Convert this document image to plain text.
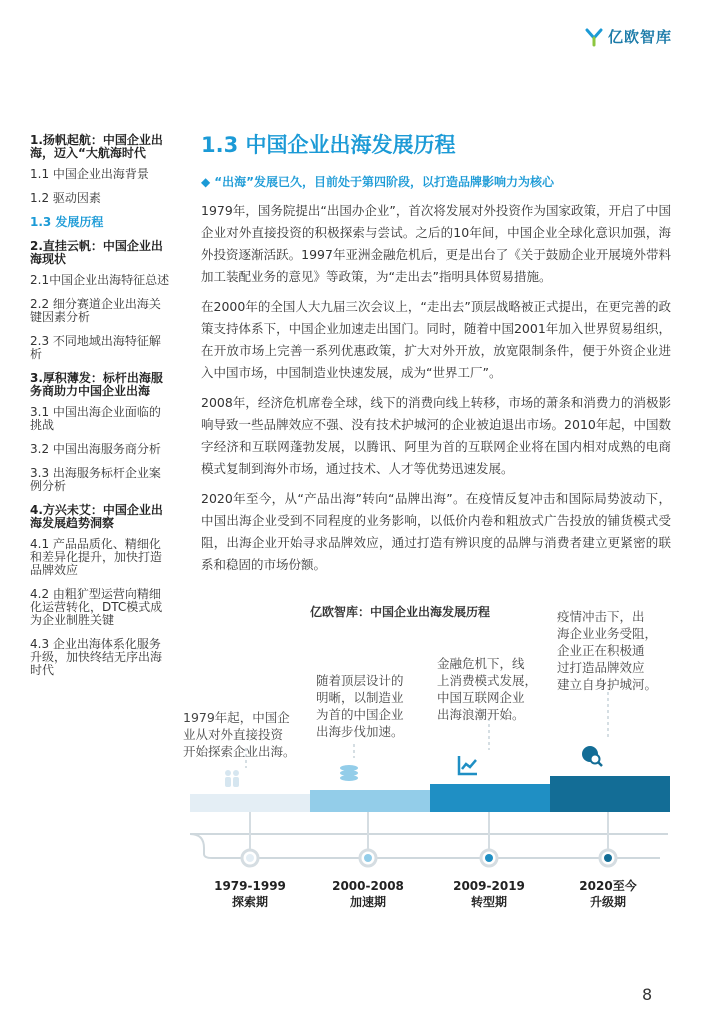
亿欧智库
1.扬帆起航：中国企业出海，迈入“大航海时代
1.1 中国企业出海背景
1.2 驱动因素
1.3 发展历程
2.直挂云帆：中国企业出海现状
2.1中国企业出海特征总述
2.2 细分赛道企业出海关键因素分析
2.3 不同地域出海特征解析
3.厚积薄发：标杆出海服务商助力中国企业出海
3.1 中国出海企业面临的挑战
3.2 中国出海服务商分析
3.3 出海服务标杆企业案例分析
4.方兴未艾：中国企业出海发展趋势洞察
4.1 产品品质化、精细化和差异化提升，加快打造品牌效应
4.2 由粗犷型运营向精细化运营转化，DTC模式成为企业制胜关键
4.3 企业出海体系化服务升级，加快终结无序出海时代
1.3 中国企业出海发展历程
◆ “出海”发展已久，目前处于第四阶段，以打造品牌影响力为核心

1979年，国务院提出“出国办企业”，首次将发展对外投资作为国家政策，开启了中国企业对外直接投资的积极探索与尝试。之后的10年间，中国企业全球化意识加强，海外投资逐渐活跃。1997年亚洲金融危机后，更是出台了《关于鼓励企业开展境外带料加工装配业务的意见》等政策，为“走出去”指明具体贸易措施。

在2000年的全国人大九届三次会议上，“走出去”顶层战略被正式提出，在更完善的政策支持体系下，中国企业加速走出国门。同时，随着中国2001年加入世界贸易组织，在开放市场上完善一系列优惠政策，扩大对外开放，放宽限制条件，便于外资企业进入中国市场，中国制造业快速发展，成为“世界工厂”。

2008年，经济危机席卷全球，线下的消费向线上转移，市场的萧条和消费力的消极影响导致一些品牌效应不强、没有技术护城河的企业被迫退出市场。2010年起，中国数字经济和互联网蓬勃发展，以腾讯、阿里为首的互联网企业将在国内相对成熟的电商模式复制到海外市场，通过技术、人才等优势迅速发展。

2020年至今，从“产品出海”转向“品牌出海”。在疫情反复冲击和国际局势波动下，中国出海企业受到不同程度的业务影响，以低价内卷和粗放式广告投放的铺货模式受阻，出海企业开始寻求品牌效应，通过打造有辨识度的品牌与消费者建立更紧密的联系和稳固的市场份额。

亿欧智库：中国企业出海发展历程
1979年起，中国企
业从对外直接投资
开始探索企业出海。
随着顶层设计的
明晰，以制造业
为首的中国企业
出海步伐加速。
金融危机下，线
上消费模式发展，
中国互联网企业
出海浪潮开始。
疫情冲击下，出
海企业业务受阻，
企业正在积极通
过打造品牌效应
建立自身护城河。
1979-1999
探索期
2000-2008
加速期
2009-2019
转型期
2020至今
升级期
8
